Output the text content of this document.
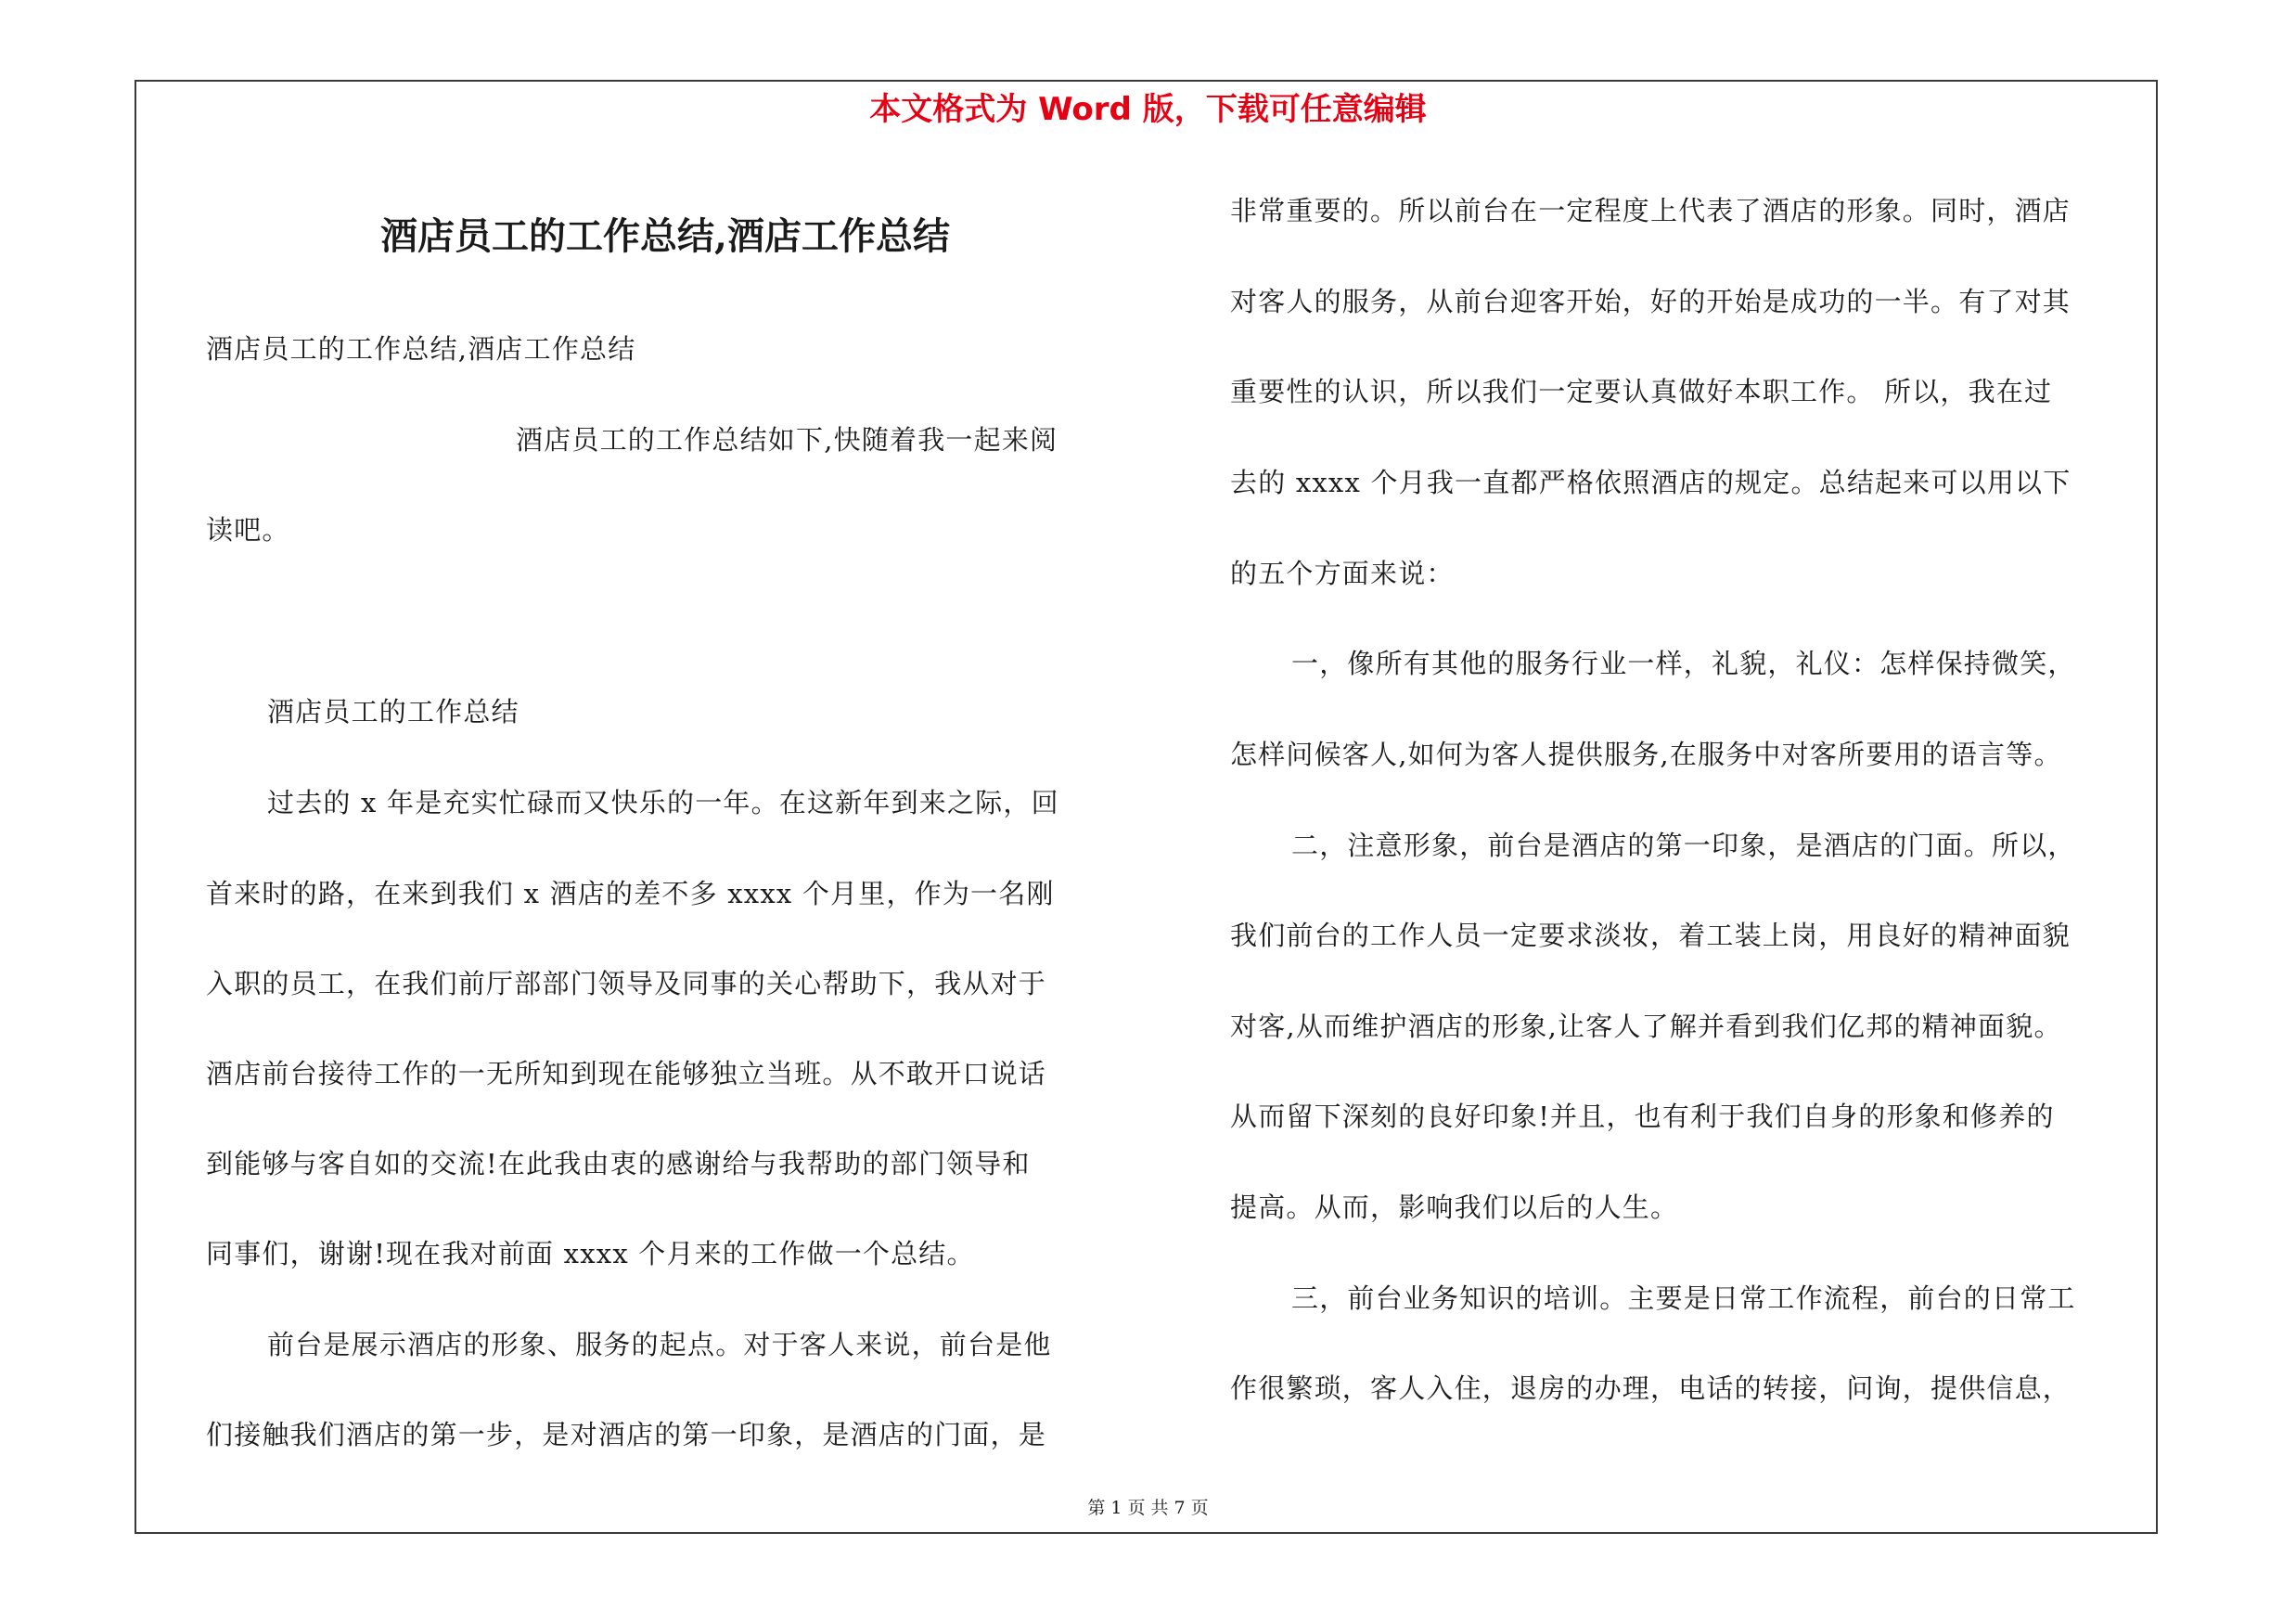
本文格式为 Word 版，下载可任意编辑
酒店员工的工作总结,酒店工作总结
酒店员工的工作总结,酒店工作总结
酒店员工的工作总结如下,快随着我一起来阅
读吧。
酒店员工的工作总结
过去的 x 年是充实忙碌而又快乐的一年。在这新年到来之际，回
首来时的路，在来到我们 x 酒店的差不多 xxxx 个月里，作为一名刚
入职的员工，在我们前厅部部门领导及同事的关心帮助下，我从对于
酒店前台接待工作的一无所知到现在能够独立当班。从不敢开口说话
到能够与客自如的交流!在此我由衷的感谢给与我帮助的部门领导和
同事们，谢谢!现在我对前面 xxxx 个月来的工作做一个总结。
前台是展示酒店的形象、服务的起点。对于客人来说，前台是他
们接触我们酒店的第一步，是对酒店的第一印象，是酒店的门面，是
非常重要的。所以前台在一定程度上代表了酒店的形象。同时，酒店
对客人的服务，从前台迎客开始，好的开始是成功的一半。有了对其
重要性的认识，所以我们一定要认真做好本职工作。 所以，我在过
去的 xxxx 个月我一直都严格依照酒店的规定。总结起来可以用以下
的五个方面来说：
一，像所有其他的服务行业一样，礼貌，礼仪：怎样保持微笑，
怎样问候客人,如何为客人提供服务,在服务中对客所要用的语言等。
二，注意形象，前台是酒店的第一印象，是酒店的门面。所以，
我们前台的工作人员一定要求淡妆，着工装上岗，用良好的精神面貌
对客,从而维护酒店的形象,让客人了解并看到我们亿邦的精神面貌。
从而留下深刻的良好印象!并且，也有利于我们自身的形象和修养的
提高。从而，影响我们以后的人生。
三，前台业务知识的培训。主要是日常工作流程，前台的日常工
作很繁琐，客人入住，退房的办理，电话的转接，问询，提供信息，
第 1 页 共 7 页
